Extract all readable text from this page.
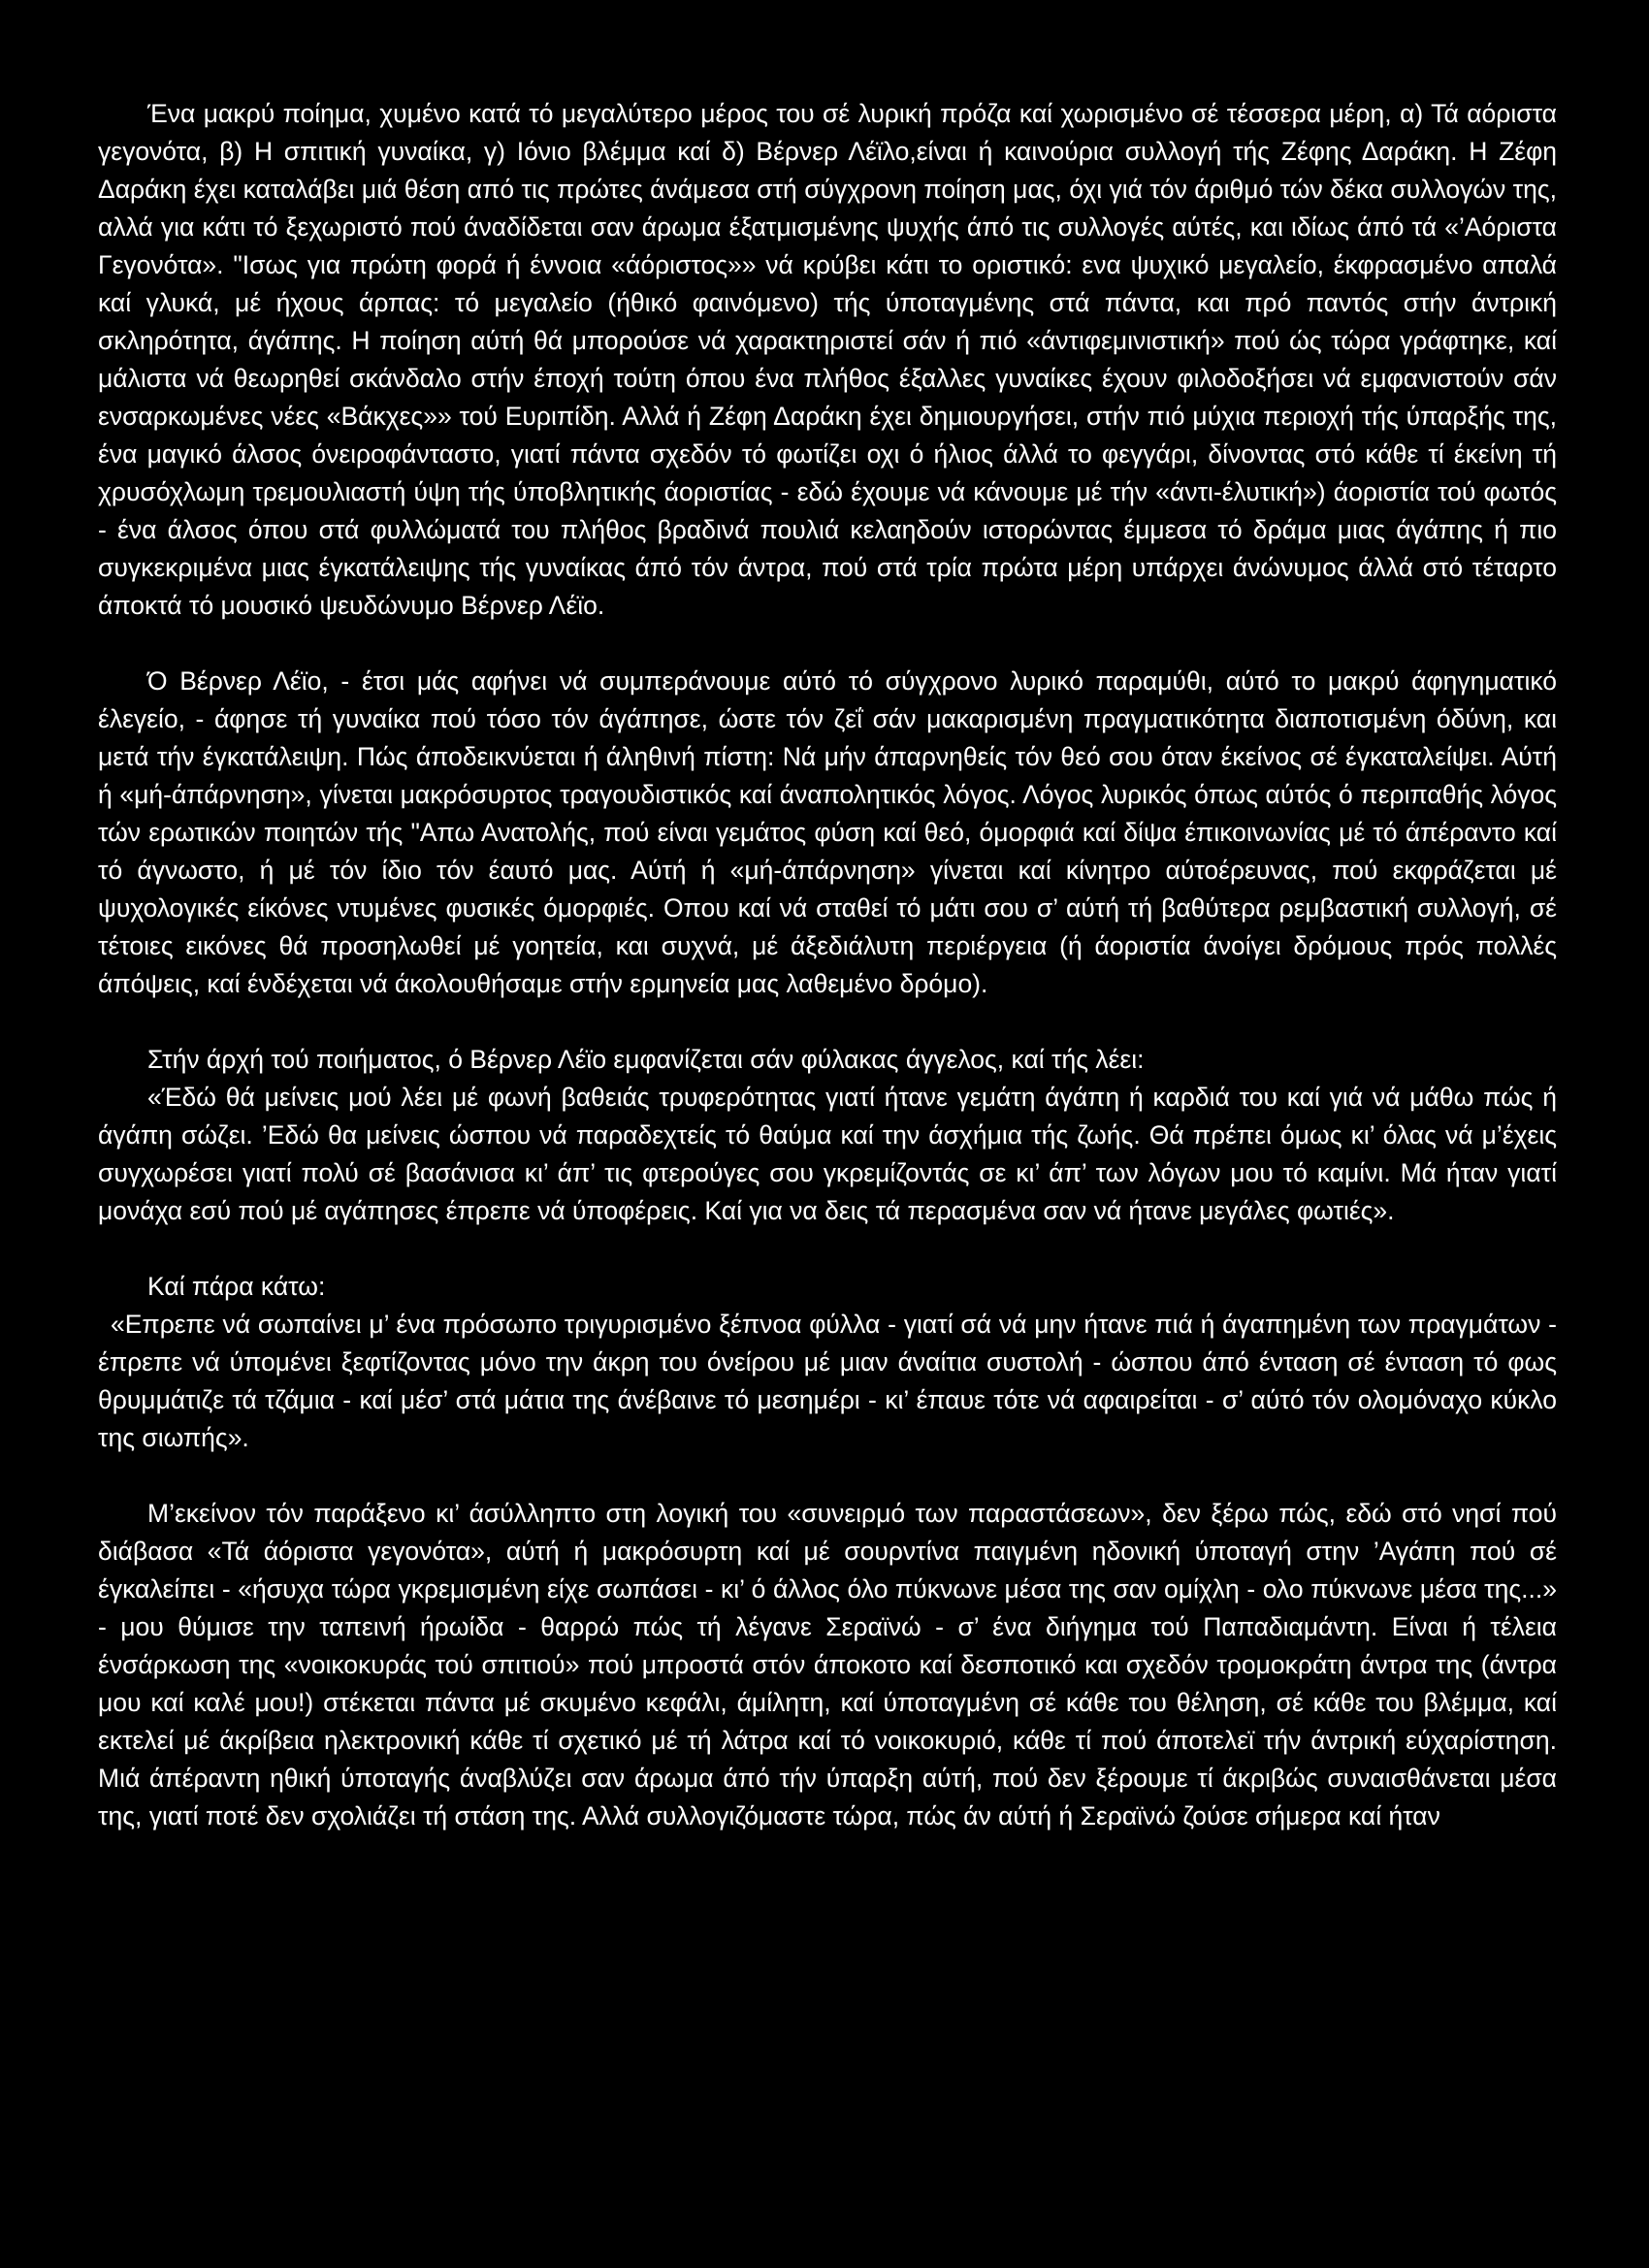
Ένα μακρύ ποίημα, χυμένο κατά τό μεγαλύτερο μέρος του σέ λυρική πρόζα καί χωρισμένο σέ τέσσερα μέρη, α) Τά αόριστα γεγονότα, β) Η σπιτική γυναίκα, γ) Ιόνιο βλέμμα καί δ) Βέρνερ Λέϊλο,είναι ή καινούρια συλλογή τής Ζέφης Δαράκη. Η Ζέφη Δαράκη έχει καταλάβει μιά θέση από τις πρώτες άνάμεσα στή σύγχρονη ποίηση μας, όχι γιά τόν άριθμό τών δέκα συλλογών της, αλλά για κάτι τό ξεχωριστό πού άναδίδεται σαν άρωμα έξατμισμένης ψυχής άπό τις συλλογές αύτές, και ιδίως άπό τά «’Αόριστα Γεγονότα». "Ισως για πρώτη φορά ή έννοια «άόριστος»» νά κρύβει κάτι το οριστικό: ενα ψυχικό μεγαλείο, έκφρασμένο απαλά καί γλυκά, μέ ήχους άρπας: τό μεγαλείο (ήθικό φαινόμενο) τής ύποταγμένης στά πάντα, και πρό παντός στήν άντρική σκληρότητα, άγάπης. Η ποίηση αύτή θά μπορούσε νά χαρακτηριστεί σάν ή πιό «άντιφεμινιστική» πού ώς τώρα γράφτηκε, καί μάλιστα νά θεωρηθεί σκάνδαλο στήν έποχή τούτη όπου ένα πλήθος έξαλλες γυναίκες έχουν φιλοδοξήσει νά εμφανιστούν σάν ενσαρκωμένες νέες «Βάκχες»» τού Ευριπίδη. Αλλά ή Ζέφη Δαράκη έχει δημιουργήσει, στήν πιό μύχια περιοχή τής ύπαρξής της, ένα μαγικό άλσος όνειροφάνταστο, γιατί πάντα σχεδόν τό φωτίζει οχι ό ήλιος άλλά το φεγγάρι, δίνοντας στό κάθε τί έκείνη τή χρυσόχλωμη τρεμουλιαστή ύψη τής ύποβλητικής άοριστίας - εδώ έχουμε νά κάνουμε μέ τήν «άντι-έλυτική») άοριστία τού φωτός - ένα άλσος όπου στά φυλλώματά του πλήθος βραδινά πουλιά κελαηδούν ιστορώντας έμμεσα τό δράμα μιας άγάπης ή πιο συγκεκριμένα μιας έγκατάλειψης τής γυναίκας άπό τόν άντρα, πού στά τρία πρώτα μέρη υπάρχει άνώνυμος άλλά στό τέταρτο άποκτά τό μουσικό ψευδώνυμο Βέρνερ Λέϊο.

Ό Βέρνερ Λέϊο, - έτσι μάς αφήνει νά συμπεράνουμε αύτό τό σύγχρονο λυρικό παραμύθι, αύτό το μακρύ άφηγηματικό έλεγείο, - άφησε τή γυναίκα πού τόσο τόν άγάπησε, ώστε τόν ζεΐ σάν μακαρισμένη πραγματικότητα διαποτισμένη όδύνη, και μετά τήν έγκατάλειψη. Πώς άποδεικνύεται ή άληθινή πίστη: Νά μήν άπαρνηθείς τόν θεό σου όταν έκείνος σέ έγκαταλείψει. Αύτή ή «μή-άπάρνηση», γίνεται μακρόσυρτος τραγουδιστικός καί άναπολητικός λόγος. Λόγος λυρικός όπως αύτός ό περιπαθής λόγος τών ερωτικών ποιητών τής "Απω Ανατολής, πού είναι γεμάτος φύση καί θεό, όμορφιά καί δίψα έπικοινωνίας μέ τό άπέραντο καί τό άγνωστο, ή μέ τόν ίδιο τόν έαυτό μας. Αύτή ή «μή-άπάρνηση» γίνεται καί κίνητρο αύτοέρευνας, πού εκφράζεται μέ ψυχολογικές είκόνες ντυμένες φυσικές όμορφιές. Οπου καί νά σταθεί τό μάτι σου σ’ αύτή τή βαθύτερα ρεμβαστική συλλογή, σέ τέτοιες εικόνες θά προσηλωθεί μέ γοητεία, και συχνά, μέ άξεδιάλυτη περιέργεια (ή άοριστία άνοίγει δρόμους πρός πολλές άπόψεις, καί ένδέχεται νά άκολουθήσαμε στήν ερμηνεία μας λαθεμένο δρόμο).

Στήν άρχή τού ποιήματος, ό Βέρνερ Λέϊο εμφανίζεται σάν φύλακας άγγελος, καί τής λέει:

«Έδώ θά μείνεις μού λέει μέ φωνή βαθειάς τρυφερότητας γιατί ήτανε γεμάτη άγάπη ή καρδιά του καί γιά νά μάθω πώς ή άγάπη σώζει. ’Εδώ θα μείνεις ώσπου νά παραδεχτείς τό θαύμα καί την άσχήμια τής ζωής. Θά πρέπει όμως κι’ όλας νά μ’έχεις συγχωρέσει γιατί πολύ σέ βασάνισα κι’ άπ’ τις φτερούγες σου γκρεμίζοντάς σε κι’ άπ’ των λόγων μου τό καμίνι. Μά ήταν γιατί μονάχα εσύ πού μέ αγάπησες έπρεπε νά ύποφέρεις. Καί για να δεις τά περασμένα σαν νά ήτανε μεγάλες φωτιές».

Καί πάρα κάτω:

«Επρεπε νά σωπαίνει μ’ ένα πρόσωπο τριγυρισμένο ξέπνοα φύλλα - γιατί σά νά μην ήτανε πιά ή άγαπημένη των πραγμάτων - έπρεπε νά ύπομένει ξεφτίζοντας μόνο την άκρη του όνείρου μέ μιαν άναίτια συστολή - ώσπου άπό ένταση σέ ένταση τό φως θρυμμάτιζε τά τζάμια - καί μέσ’ στά μάτια της άνέβαινε τό μεσημέρι - κι’ έπαυε τότε νά αφαιρείται - σ’ αύτό τόν ολομόναχο κύκλο της σιωπής».

Μ’εκείνον τόν παράξενο κι’ άσύλληπτο στη λογική του «συνειρμό των παραστάσεων», δεν ξέρω πώς, εδώ στό νησί πού διάβασα «Τά άόριστα γεγονότα», αύτή ή μακρόσυρτη καί μέ σουρντίνα παιγμένη ηδονική ύποταγή στην ’Αγάπη πού σέ έγκαλείπει - «ήσυχα τώρα γκρεμισμένη είχε σωπάσει - κι’ ό άλλος όλο πύκνωνε μέσα της σαν ομίχλη - ολο πύκνωνε μέσα της...» - μου θύμισε την ταπεινή ήρωίδα - θαρρώ πώς τή λέγανε Σεραϊνώ - σ’ ένα διήγημα τού Παπαδιαμάντη. Είναι ή τέλεια ένσάρκωση της «νοικοκυράς τού σπιτιού» πού μπροστά στόν άποκοτο καί δεσποτικό και σχεδόν τρομοκράτη άντρα της (άντρα μου καί καλέ μου!) στέκεται πάντα μέ σκυμένο κεφάλι, άμίλητη, καί ύποταγμένη σέ κάθε του θέληση, σέ κάθε του βλέμμα, καί εκτελεί μέ άκρίβεια ηλεκτρονική κάθε τί σχετικό μέ τή λάτρα καί τό νοικοκυριό, κάθε τί πού άποτελεϊ τήν άντρική εύχαρίστηση. Μιά άπέραντη ηθική ύποταγής άναβλύζει σαν άρωμα άπό τήν ύπαρξη αύτή, πού δεν ξέρουμε τί άκριβώς συναισθάνεται μέσα της, γιατί ποτέ δεν σχολιάζει τή στάση της. Αλλά συλλογιζόμαστε τώρα, πώς άν αύτή ή Σεραϊνώ ζούσε σήμερα καί ήταν
